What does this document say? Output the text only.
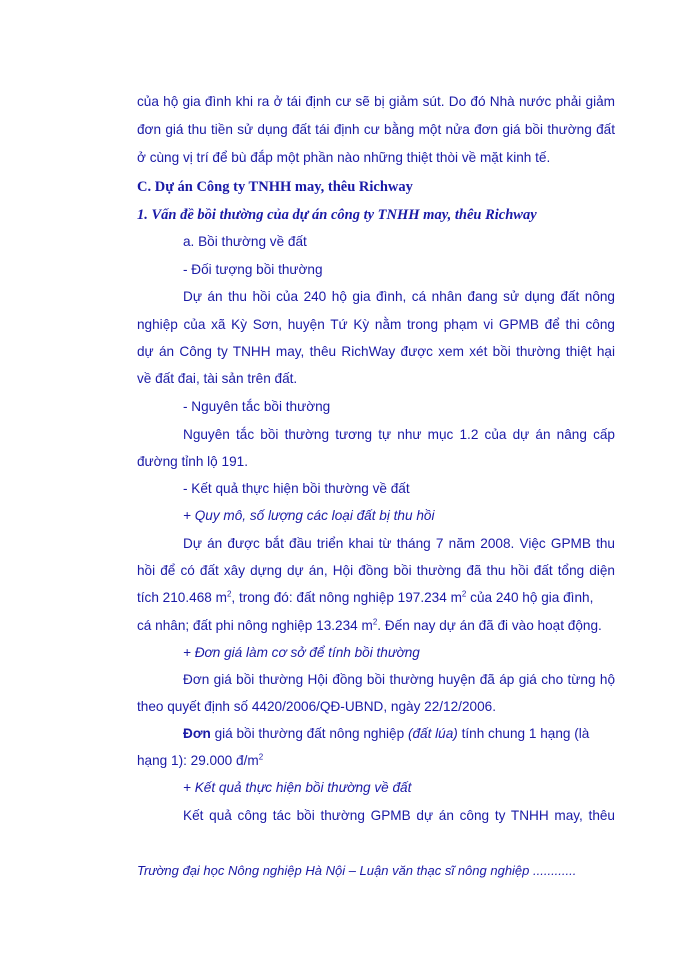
của hộ gia đình khi ra ở tái định cư sẽ bị giảm sút. Do đó Nhà nước phải giảm
đơn giá thu tiền sử dụng đất tái định cư bằng một nửa đơn giá bồi thường đất
ở cùng vị trí để bù đắp một phần nào những thiệt thòi về mặt kinh tế.
C. Dự án Công ty TNHH may, thêu Richway
1. Vấn đề bồi thường của dự án công ty TNHH may, thêu Richway
a. Bồi thường về đất
- Đối tượng bồi thường
Dự án thu hồi của 240 hộ gia đình, cá nhân đang sử dụng đất nông
nghiệp của xã Kỳ Sơn, huyện Tứ Kỳ nằm trong phạm vi GPMB để thi công
dự án Công ty TNHH may, thêu RichWay được xem xét bồi thường thiệt hại
về đất đai, tài sản trên đất.
- Nguyên tắc bồi thường
Nguyên tắc bồi thường tương tự như mục 1.2 của dự án nâng cấp
đường tỉnh lộ 191.
- Kết quả thực hiện bồi thường về đất
+ Quy mô, số lượng các loại đất bị thu hồi
Dự án được bắt đầu triển khai từ tháng 7 năm 2008. Việc GPMB thu
hồi để có đất xây dựng dự án, Hội đồng bồi thường đã thu hồi đất tổng diện
tích 210.468 $m^2$, trong đó: đất nông nghiệp 197.234 $m^2$ của 240 hộ gia đình,
cá nhân; đất phi nông nghiệp 13.234 $m^2$. Đến nay dự án đã đi vào hoạt động.
+ Đơn giá làm cơ sở để tính bồi thường
Đơn giá bồi thường Hội đồng bồi thường huyện đã áp giá cho từng hộ
theo quyết định số 4420/2006/QĐ-UBND, ngày 22/12/2006.
Đơn giá bồi thường đất nông nghiệp (đất lúa) tính chung 1 hạng (là
hạng 1): 29.000 $đ/m^2$
+ Kết quả thực hiện bồi thường về đất
Kết quả công tác bồi thường GPMB dự án công ty TNHH may, thêu
Trường đại học Nông nghiệp Hà Nội – Luận văn thạc sĩ nông nghiệp ............
